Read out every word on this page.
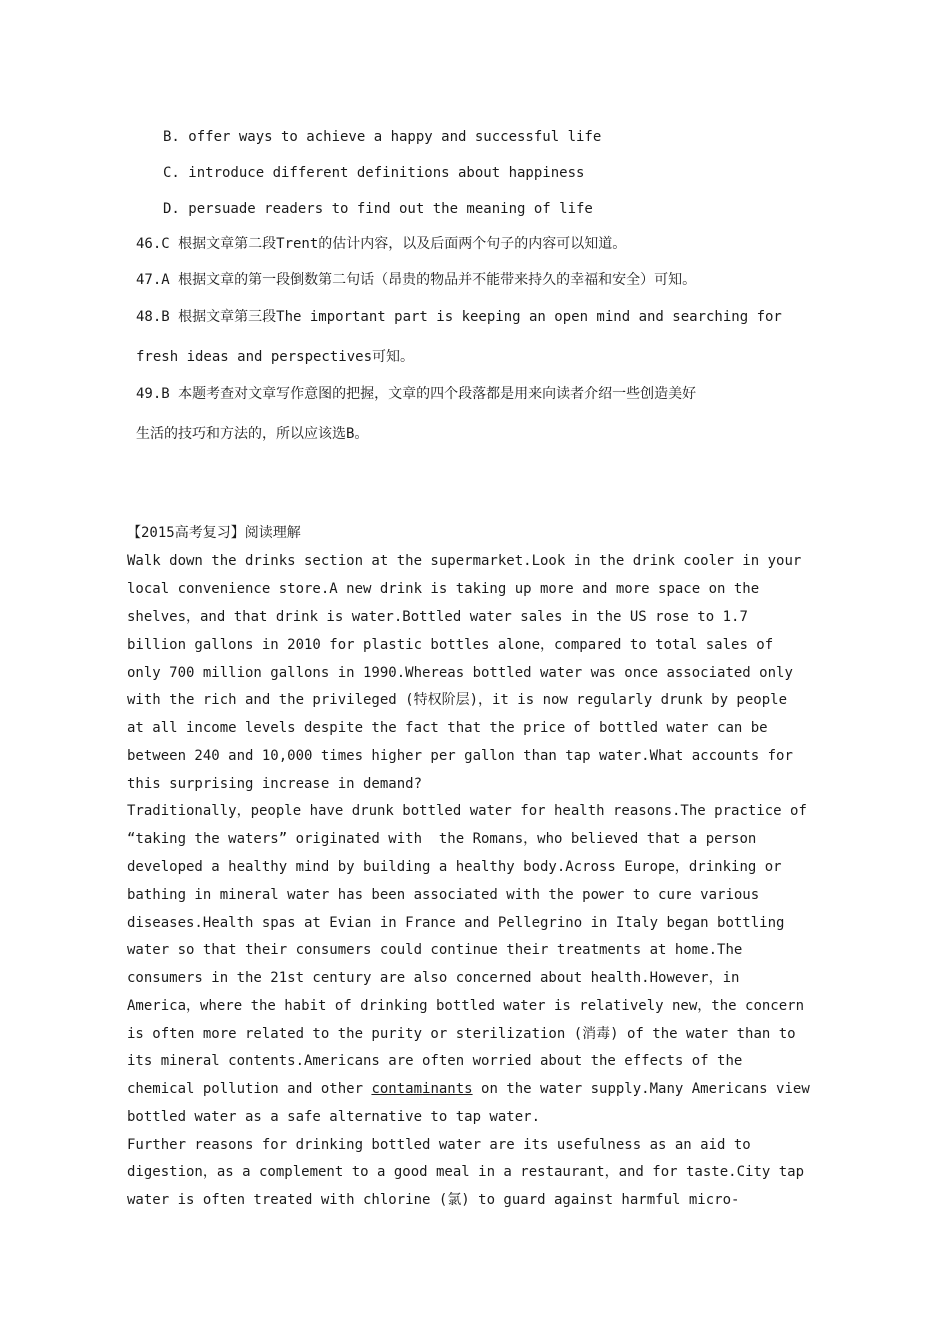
B. offer ways to achieve a happy and successful life
C. introduce different definitions about happiness
D. persuade readers to find out the meaning of life
46.C 根据文章第二段Trent的估计内容，以及后面两个句子的内容可以知道。
47.A 根据文章的第一段倒数第二句话（昂贵的物品并不能带来持久的幸福和安全）可知。
48.B 根据文章第三段The important part is keeping an open mind and searching for
fresh ideas and perspectives可知。
49.B 本题考查对文章写作意图的把握，文章的四个段落都是用来向读者介绍一些创造美好
生活的技巧和方法的，所以应该选B。
【2015高考复习】阅读理解
Walk down the drinks section at the supermarket.Look in the drink cooler in your
local convenience store.A new drink is taking up more and more space on the
shelves，and that drink is water.Bottled water sales in the US rose to 1.7
billion gallons in 2010 for plastic bottles alone，compared to total sales of
only 700 million gallons in 1990.Whereas bottled water was once associated only
with the rich and the privileged (特权阶层)，it is now regularly drunk by people
at all income levels despite the fact that the price of bottled water can be
between 240 and 10,000 times higher per gallon than tap water.What accounts for
this surprising increase in demand?
Traditionally，people have drunk bottled water for health reasons.The practice of
“taking the waters” originated with  the Romans，who believed that a person
developed a healthy mind by building a healthy body.Across Europe，drinking or
bathing in mineral water has been associated with the power to cure various
diseases.Health spas at Evian in France and Pellegrino in Italy began bottling
water so that their consumers could continue their treatments at home.The
consumers in the 21st century are also concerned about health.However，in
America，where the habit of drinking bottled water is relatively new，the concern
is often more related to the purity or sterilization (消毒) of the water than to
its mineral contents.Americans are often worried about the effects of the
chemical pollution and other contaminants on the water supply.Many Americans view
bottled water as a safe alternative to tap water.
Further reasons for drinking bottled water are its usefulness as an aid to
digestion，as a complement to a good meal in a restaurant，and for taste.City tap
water is often treated with chlorine (氯) to guard against harmful micro-
